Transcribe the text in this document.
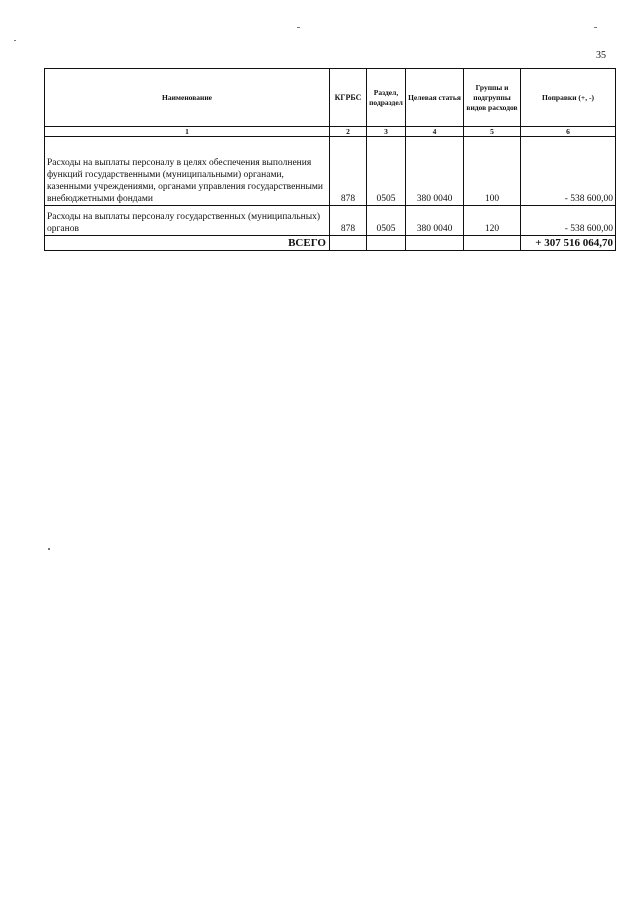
35
Наименование	КГРБС	Раздел, подраздел	Целевая статья	Группы и подгруппы видов расходов	Поправки (+, -)
1	2	3	4	5	6
Расходы на выплаты персоналу в целях обеспечения выполнения функций государственными (муниципальными) органами, казенными учреждениями, органами управления государственными внебюджетными фондами	878	0505	380 0040	100	- 538 600,00
Расходы на выплаты персоналу государственных (муниципальных) органов	878	0505	380 0040	120	- 538 600,00
ВСЕГО					+ 307 516 064,70
